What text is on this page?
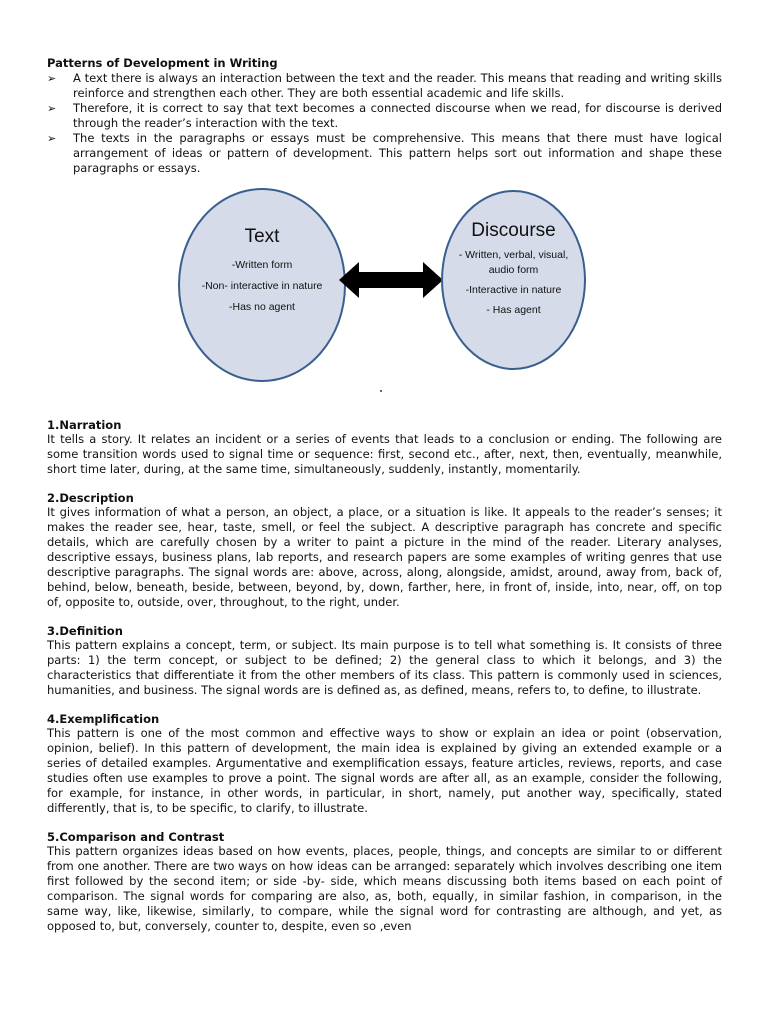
Patterns of Development in Writing

➢ A text there is always an interaction between the text and the reader. This means that reading and writing skills reinforce and strengthen each other. They are both essential academic and life skills.
➢ Therefore, it is correct to say that text becomes a connected discourse when we read, for discourse is derived through the reader’s interaction with the text.
➢ The texts in the paragraphs or essays must be comprehensive. This means that there must have logical arrangement of ideas or pattern of development. This pattern helps sort out information and shape these paragraphs or essays.
Text
-Written form
-Non- interactive in nature
-Has no agent
Discourse
- Written, verbal, visual, audio form
-Interactive in nature
- Has agent

1.Narration

It tells a story. It relates an incident or a series of events that leads to a conclusion or ending. The following are some transition words used to signal time or sequence: first, second etc., after, next, then, eventually, meanwhile, short time later, during, at the same time, simultaneously, suddenly, instantly, momentarily.

2.Description

It gives information of what a person, an object, a place, or a situation is like. It appeals to the reader’s senses; it makes the reader see, hear, taste, smell, or feel the subject. A descriptive paragraph has concrete and specific details, which are carefully chosen by a writer to paint a picture in the mind of the reader. Literary analyses, descriptive essays, business plans, lab reports, and research papers are some examples of writing genres that use descriptive paragraphs. The signal words are: above, across, along, alongside, amidst, around, away from, back of, behind, below, beneath, beside, between, beyond, by, down, farther, here, in front of, inside, into, near, off, on top of, opposite to, outside, over, throughout, to the right, under.

3.Definition

This pattern explains a concept, term, or subject. Its main purpose is to tell what something is. It consists of three parts: 1) the term concept, or subject to be defined; 2) the general class to which it belongs, and 3) the characteristics that differentiate it from the other members of its class. This pattern is commonly used in sciences, humanities, and business. The signal words are is defined as, as defined, means, refers to, to define, to illustrate.

4.Exemplification

This pattern is one of the most common and effective ways to show or explain an idea or point (observation, opinion, belief). In this pattern of development, the main idea is explained by giving an extended example or a series of detailed examples. Argumentative and exemplification essays, feature articles, reviews, reports, and case studies often use examples to prove a point. The signal words are after all, as an example, consider the following, for example, for instance, in other words, in particular, in short, namely, put another way, specifically, stated differently, that is, to be specific, to clarify, to illustrate.

5.Comparison and Contrast

This pattern organizes ideas based on how events, places, people, things, and concepts are similar to or different from one another. There are two ways on how ideas can be arranged: separately which involves describing one item first followed by the second item; or side -by- side, which means discussing both items based on each point of comparison. The signal words for comparing are also, as, both, equally, in similar fashion, in comparison, in the same way, like, likewise, similarly, to compare, while the signal word for contrasting are although, and yet, as opposed to, but, conversely, counter to, despite, even so ,even
